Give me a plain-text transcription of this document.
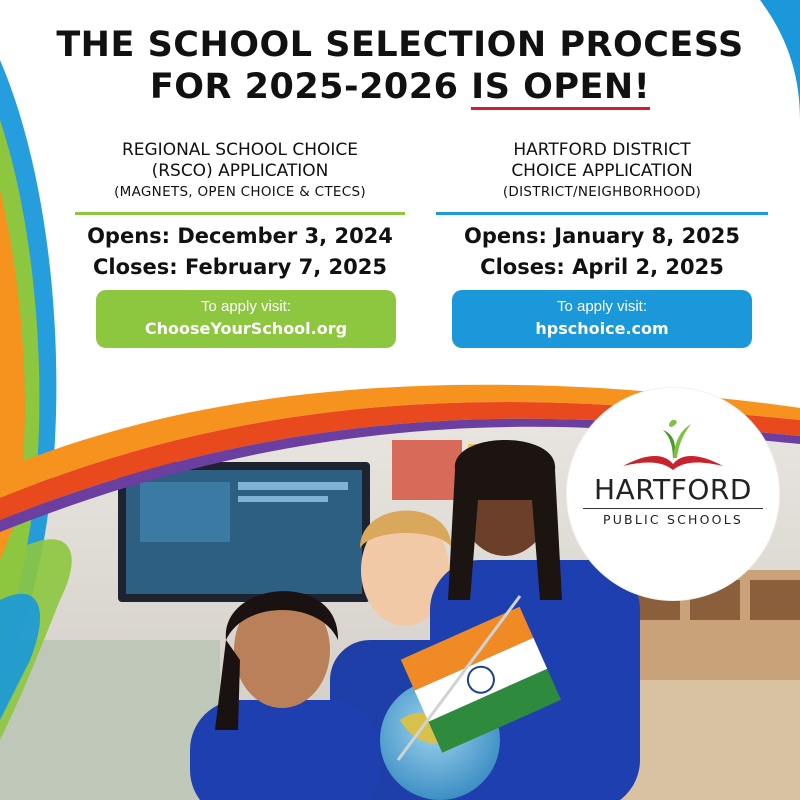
THE SCHOOL SELECTION PROCESS
FOR 2025-2026 IS OPEN!
REGIONAL SCHOOL CHOICE
(RSCO) APPLICATION
(MAGNETS, OPEN CHOICE & CTECS)
Opens: December 3, 2024
Closes: February 7, 2025
HARTFORD DISTRICT
CHOICE APPLICATION
(DISTRICT/NEIGHBORHOOD)
Opens: January 8, 2025
Closes: April 2, 2025
To apply visit:
ChooseYourSchool.org
To apply visit:
hpschoice.com
HARTFORD
PUBLIC SCHOOLS
